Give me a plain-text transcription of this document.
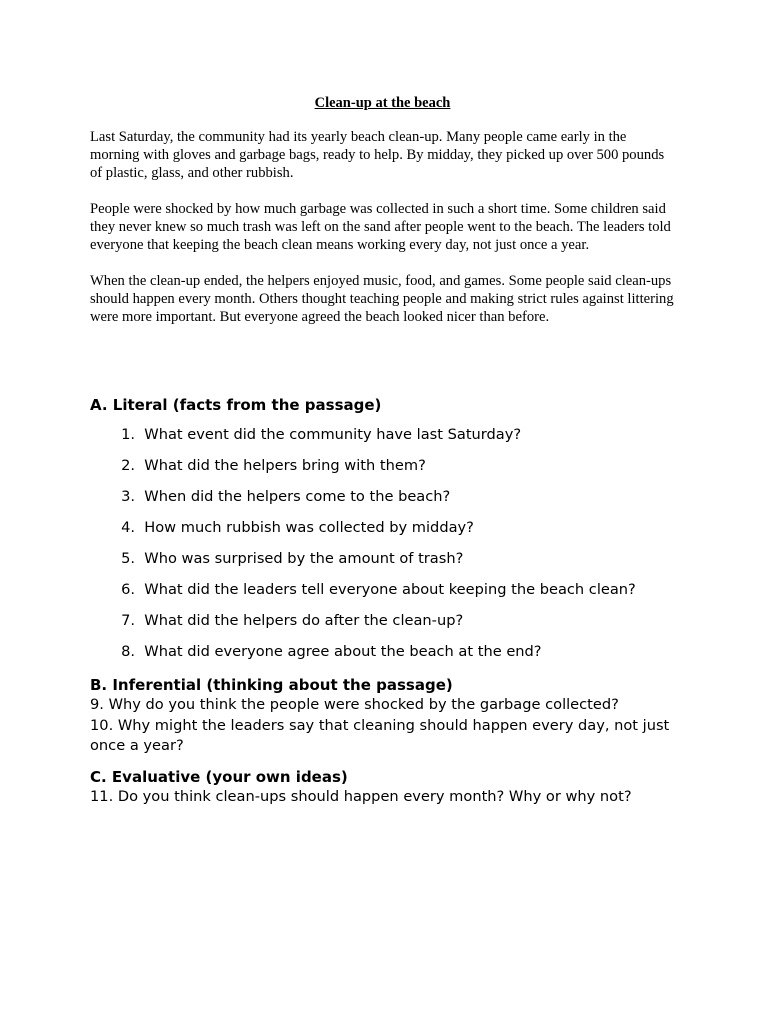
Clean-up at the beach

Last Saturday, the community had its yearly beach clean-up. Many people came early in the morning with gloves and garbage bags, ready to help. By midday, they picked up over 500 pounds of plastic, glass, and other rubbish.

People were shocked by how much garbage was collected in such a short time. Some children said they never knew so much trash was left on the sand after people went to the beach. The leaders told everyone that keeping the beach clean means working every day, not just once a year.

When the clean-up ended, the helpers enjoyed music, food, and games. Some people said clean-ups should happen every month. Others thought teaching people and making strict rules against littering were more important. But everyone agreed the beach looked nicer than before.

A. Literal (facts from the passage)
1.
What event did the community have last Saturday?
2.
What did the helpers bring with them?
3.
When did the helpers come to the beach?
4.
How much rubbish was collected by midday?
5.
Who was surprised by the amount of trash?
6.
What did the leaders tell everyone about keeping the beach clean?
7.
What did the helpers do after the clean-up?
8.
What did everyone agree about the beach at the end?
B. Inferential (thinking about the passage)

9. Why do you think the people were shocked by the garbage collected?

10. Why might the leaders say that cleaning should happen every day, not just once a year?

C. Evaluative (your own ideas)

11. Do you think clean-ups should happen every month? Why or why not?
